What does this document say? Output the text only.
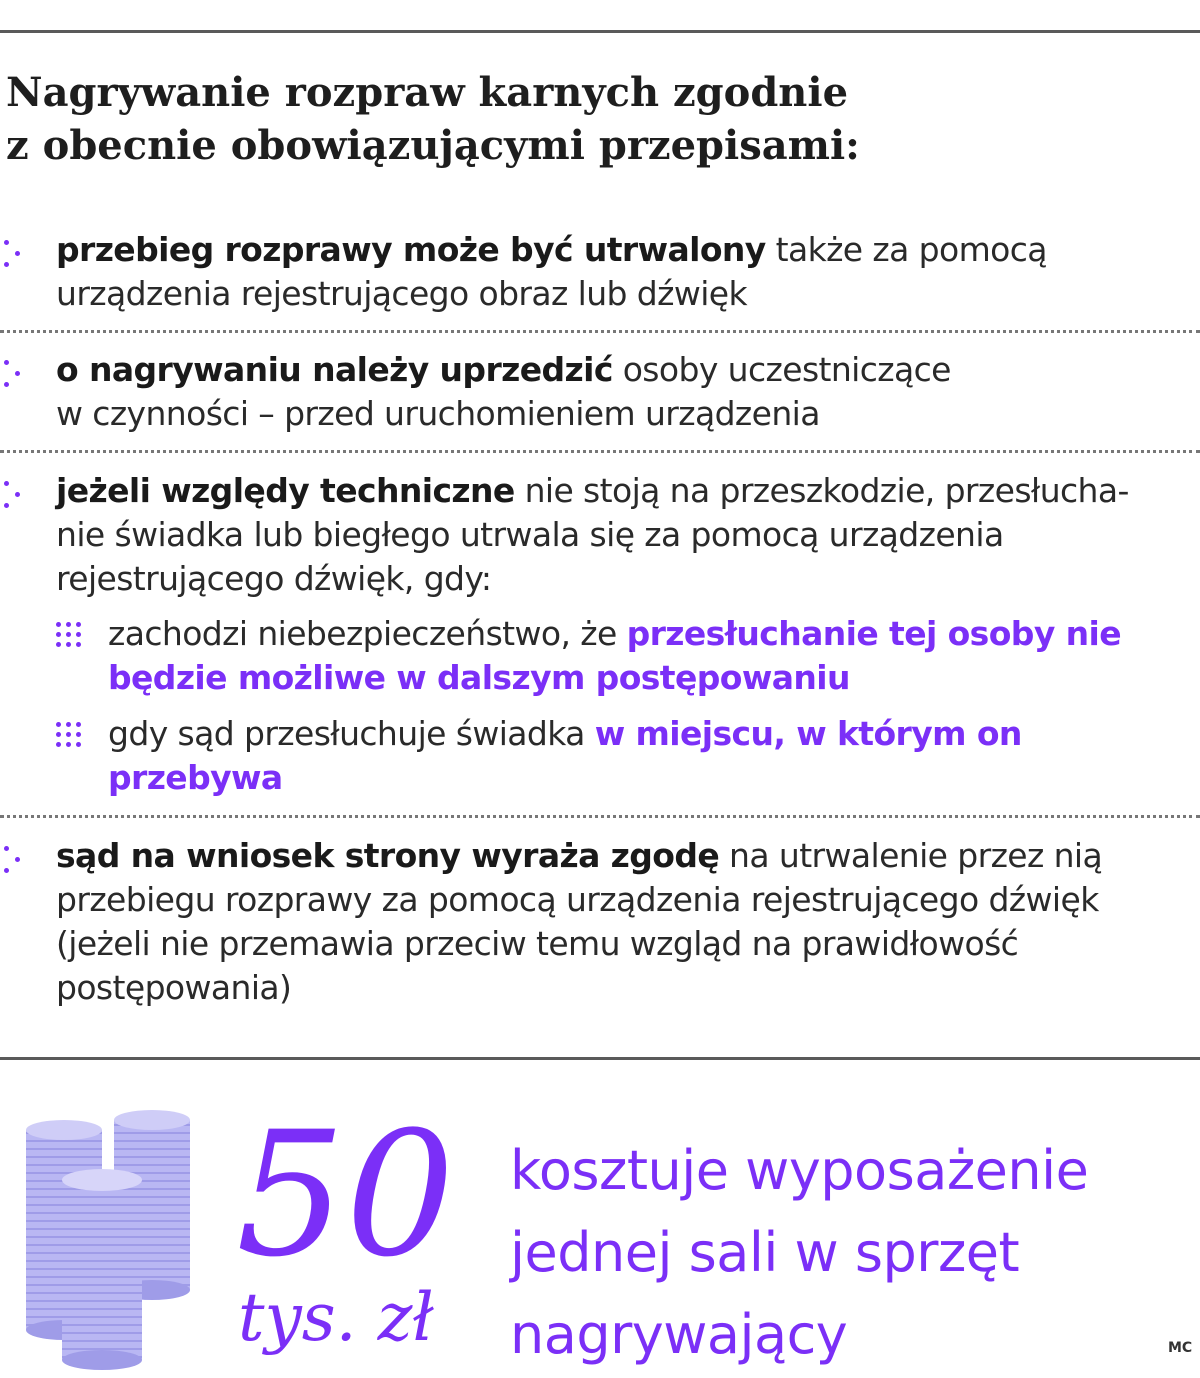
Nagrywanie rozpraw karnych zgodnie
z obecnie obowiązującymi przepisami:

przebieg rozprawy może być utrwalony także za pomocą

urządzenia rejestrującego obraz lub dźwięk

o nagrywaniu należy uprzedzić osoby uczestniczące

w czynności – przed uruchomieniem urządzenia

jeżeli względy techniczne nie stoją na przeszkodzie, przesłucha-

nie świadka lub biegłego utrwala się za pomocą urządzenia

rejestrującego dźwięk, gdy:

zachodzi niebezpieczeństwo, że przesłuchanie tej osoby nie

będzie możliwe w dalszym postępowaniu

gdy sąd przesłuchuje świadka w miejscu, w którym on

przebywa

sąd na wniosek strony wyraża zgodę na utrwalenie przez nią

przebiegu rozprawy za pomocą urządzenia rejestrującego dźwięk

(jeżeli nie przemawia przeciw temu wzgląd na prawidłowość

postępowania)

50
tys. zł
kosztuje wyposażenie
jednej sali w sprzęt
nagrywający	MC
